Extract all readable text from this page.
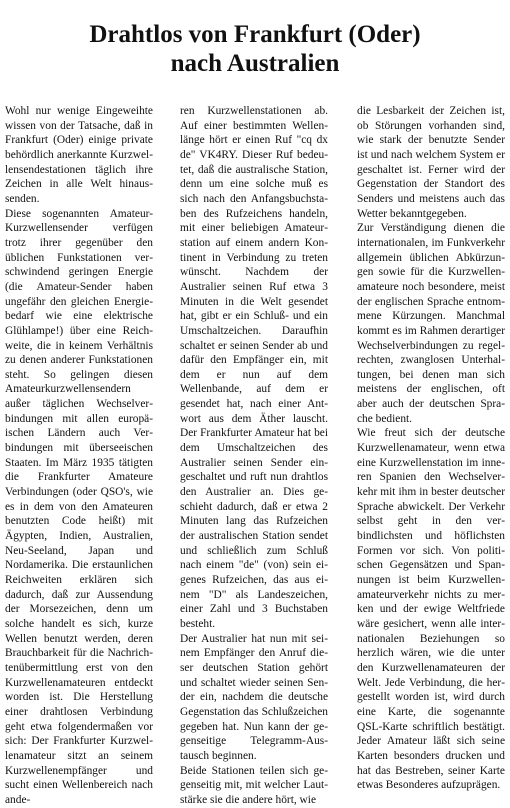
Drahtlos von Frankfurt (Oder)
nach Australien

Wohl nur wenige Eingeweihte wissen von der Tatsache, daß in Frankfurt (Oder) einige private behördlich anerkannte Kurzwellensendestationen täglich ihre Zeichen in alle Welt hinaussenden.

Diese sogenannten Amateur-Kurzwellensender verfügen trotz ihrer gegenüber den üblichen Funkstationen verschwindend geringen Energie (die Amateur-Sender haben ungefähr den gleichen Energiebedarf wie eine elektrische Glühlampe!) über eine Reichweite, die in keinem Verhältnis zu denen anderer Funkstationen steht. So gelingen diesen Amateurkurzwellensendern außer täglichen Wechselverbindungen mit allen europäischen Ländern auch Verbindungen mit überseeischen Staaten. Im März 1935 tätigten die Frankfurter Amateure Verbindungen (oder QSO's, wie es in dem von den Amateuren benutzten Code heißt) mit Ägypten, Indien, Australien, Neu-Seeland, Japan und Nordamerika. Die erstaunlichen Reichweiten erklären sich dadurch, daß zur Aussendung der Morsezeichen, denn um solche handelt es sich, kurze Wellen benutzt werden, deren Brauchbarkeit für die Nachrichtenübermittlung erst von den Kurzwellenamateuren entdeckt worden ist. Die Herstellung einer drahtlosen Verbindung geht etwa folgendermaßen vor sich: Der Frankfurter Kurzwellenamateur sitzt an seinem Kurzwellenempfänger und sucht einen Wellenbereich nach ande-

ren Kurzwellenstationen ab. Auf einer bestimmten Wellenlänge hört er einen Ruf "cq dx de" VK4RY. Dieser Ruf bedeutet, daß die australische Station, denn um eine solche muß es sich nach den Anfangsbuchstaben des Rufzeichens handeln, mit einer beliebigen Amateurstation auf einem andern Kontinent in Verbindung zu treten wünscht. Nachdem der Australier seinen Ruf etwa 3 Minuten in die Welt gesendet hat, gibt er ein Schluß- und ein Umschaltzeichen. Daraufhin schaltet er seinen Sender ab und dafür den Empfänger ein, mit dem er nun auf dem Wellenbande, auf dem er gesendet hat, nach einer Antwort aus dem Äther lauscht. Der Frankfurter Amateur hat bei dem Umschaltzeichen des Australier seinen Sender eingeschaltet und ruft nun drahtlos den Australier an. Dies geschieht dadurch, daß er etwa 2 Minuten lang das Rufzeichen der australischen Station sendet und schließlich zum Schluß nach einem "de" (von) sein eigenes Rufzeichen, das aus einem "D" als Landeszeichen, einer Zahl und 3 Buchstaben besteht.

Der Australier hat nun mit seinem Empfänger den Anruf dieser deutschen Station gehört und schaltet wieder seinen Sender ein, nachdem die deutsche Gegenstation das Schlußzeichen gegeben hat. Nun kann der gegenseitige Telegramm-Austausch beginnen.

Beide Stationen teilen sich gegenseitig mit, mit welcher Lautstärke sie die andere hört, wie

die Lesbarkeit der Zeichen ist, ob Störungen vorhanden sind, wie stark der benutzte Sender ist und nach welchem System er geschaltet ist. Ferner wird der Gegenstation der Standort des Senders und meistens auch das Wetter bekanntgegeben.

Zur Verständigung dienen die internationalen, im Funkverkehr allgemein üblichen Abkürzungen sowie für die Kurzwellenamateure noch besondere, meist der englischen Sprache entnommene Kürzungen. Manchmal kommt es im Rahmen derartiger Wechselverbindungen zu regelrechten, zwanglosen Unterhaltungen, bei denen man sich meistens der englischen, oft aber auch der deutschen Sprache bedient.

Wie freut sich der deutsche Kurzwellenamateur, wenn etwa eine Kurzwellenstation im inneren Spanien den Wechselverkehr mit ihm in bester deutscher Sprache abwickelt. Der Verkehr selbst geht in den verbindlichsten und höflichsten Formen vor sich. Von politischen Gegensätzen und Spannungen ist beim Kurzwellenamateurverkehr nichts zu merken und der ewige Weltfriede wäre gesichert, wenn alle internationalen Beziehungen so herzlich wären, wie die unter den Kurzwellenamateuren der Welt. Jede Verbindung, die hergestellt worden ist, wird durch eine Karte, die sogenannte QSL-Karte schriftlich bestätigt. Jeder Amateur läßt sich seine Karten besonders drucken und hat das Bestreben, seiner Karte etwas Besonderes aufzuprägen.
